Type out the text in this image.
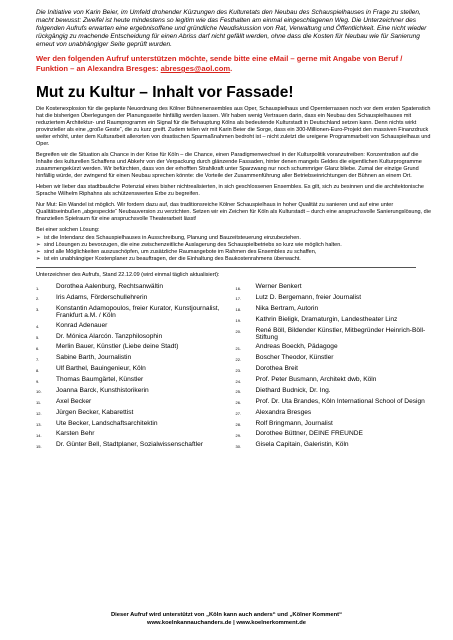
Die Initiative von Karin Beier, im Umfeld drohender Kürzungen des Kulturetats den Neubau des Schauspielhauses in Frage zu stellen, macht bewusst: Zweifel ist heute mindestens so legitim wie das Festhalten am einmal eingeschlagenen Weg. Die Unterzeichner des folgenden Aufrufs erwarten eine ergebnisoffene und gründliche Neudiskussion von Rat, Verwaltung und Öffentlichkeit. Eine nicht wieder rückgängig zu machende Entscheidung für einen Abriss darf nicht gefällt werden, ohne dass die Kosten für Neubau wie für Sanierung erneut von unabhängiger Seite geprüft wurden.

Wer den folgenden Aufruf unterstützen möchte, sende bitte eine eMail – gerne mit Angabe von Beruf / Funktion – an Alexandra Bresges: abresges@aol.com.

Mut zu Kultur – Inhalt vor Fassade!

Die Kostenexplosion für die geplante Neuordnung des Kölner Bühnenensembles aus Oper, Schauspielhaus und Opernterrassen noch vor dem ersten Spatenstich hat die bisherigen Überlegungen der Planungsseite hinfällig werden lassen. Wir haben wenig Vertrauen darin, dass ein Neubau des Schauspielhauses mit reduziertem Architektur- und Raumprogramm ein Signal für die Behauptung Kölns als bedeutende Kulturstadt in Deutschland setzen kann. Denn nichts wirkt provinzieller als eine „große Geste“, die zu kurz greift. Zudem teilen wir mit Karin Beier die Sorge, dass ein 300-Millionen-Euro-Projekt den massiven Finanzdruck weiter erhöht, unter dem Kulturarbeit allerorten von drastischen Sparmaßnahmen bedroht ist – nicht zuletzt die ureigene Programmarbeit von Schauspielhaus und Oper.

Begreifen wir die Situation als Chance in der Krise für Köln – die Chance, einen Paradigmenwechsel in der Kulturpolitik voranzutreiben: Konzentration auf die Inhalte des kulturellen Schaffens und Abkehr von der Verpackung durch glänzende Fassaden, hinter denen mangels Geldes die eigentlichen Kulturprogramme zusammengekürzt werden. Wir befürchten, dass von der erhofften Strahlkraft unter Sparzwang nur noch schummriger Glanz bliebe. Zumal der einzige Grund hinfällig würde, der zwingend für einen Neubau sprechen könnte: die Vorteile der Zusammenführung aller Betriebseinrichtungen der Bühnen an einem Ort.

Heben wir lieber das stadtbauliche Potenzial eines bisher nichtrealisierten, in sich geschlossenen Ensembles. Es gilt, sich zu besinnen und die architektonische Sprache Wilhelm Riphahns als schützenswertes Erbe zu begreifen.

Nur Mut: Ein Wandel ist möglich. Wir fordern dazu auf, das traditionsreiche Kölner Schauspielhaus in hoher Qualität zu sanieren und auf eine unter Qualitätseinbußen „abgespeckte“ Neubauversion zu verzichten. Setzen wir ein Zeichen für Köln als Kulturstadt – durch eine anspruchsvolle Sanierungslösung, die finanziellen Spielraum für eine anspruchsvolle Theaterarbeit lässt!

Bei einer solchen Lösung:

➢ ist die Intendanz des Schauspielhauses in Ausschreibung, Planung und Bauzeitsteuerung einzubeziehen.
➢ sind Lösungen zu bevorzugen, die eine zwischenzeitliche Auslagerung des Schauspielbetriebs so kurz wie möglich halten.
➢ sind alle Möglichkeiten auszuschöpfen, um zusätzliche Raumangebote im Rahmen des Ensembles zu schaffen,
➢ ist ein unabhängiger Kostenplaner zu beauftragen, der die Einhaltung des Baukostenrahmens überwacht.

Unterzeichner des Aufrufs, Stand 22.12.09 (wird einmal täglich aktualisiert):

1.	Dorothea Aalenburg, Rechtsanwältin
2.	Iris Adams, Förderschullehrerin
3.	Konstantin Adamopoulos, freier Kurator, Kunstjournalist, Frankfurt a.M. / Köln
4.	Konrad Adenauer
5.	Dr. Mónica Alarcón. Tanzphilosophin
6.	Merlin Bauer, Künstler (Liebe deine Stadt)
7.	Sabine Barth, Journalistin
8.	Ulf Barthel, Bauingenieur, Köln
9.	Thomas Baumgärtel, Künstler
10.	Joanna Barck, Kunsthistorikerin
11.	Axel Becker
12.	Jürgen Becker, Kabarettist
13.	Ute Becker, Landschaftsarchitektin
14.	Karsten Behr
15.	Dr. Günter Bell, Stadtplaner, Sozialwissenschaftler
16.	Werner Benkert
17.	Lutz D. Bergemann, freier Journalist
18.	Nika Bertram, Autorin
19.	Kathrin Bieligk, Dramaturgin, Landestheater Linz
20.	René Böll, Bildender Künstler, Mitbegründer Heinrich-Böll-Stiftung
21.	Andreas Boeckh, Pädagoge
22.	Boscher Theodor, Künstler
23.	Dorothea Breit
24.	Prof. Peter Busmann, Architekt dwb, Köln
25.	Diethard Budnick, Dr. Ing.
26.	Prof. Dr. Uta Brandes, Köln International School of Design
27.	Alexandra Bresges
28.	Rolf Bringmann, Journalist
29.	Dorothee Büttner, DEINE FREUNDE
30.	Gisela Capitain, Galeristin, Köln
Dieser Aufruf wird unterstützt von „Köln kann auch anders“ und „Kölner Komment“
www.koelnkannauchanders.de | www.koelnerkomment.de
